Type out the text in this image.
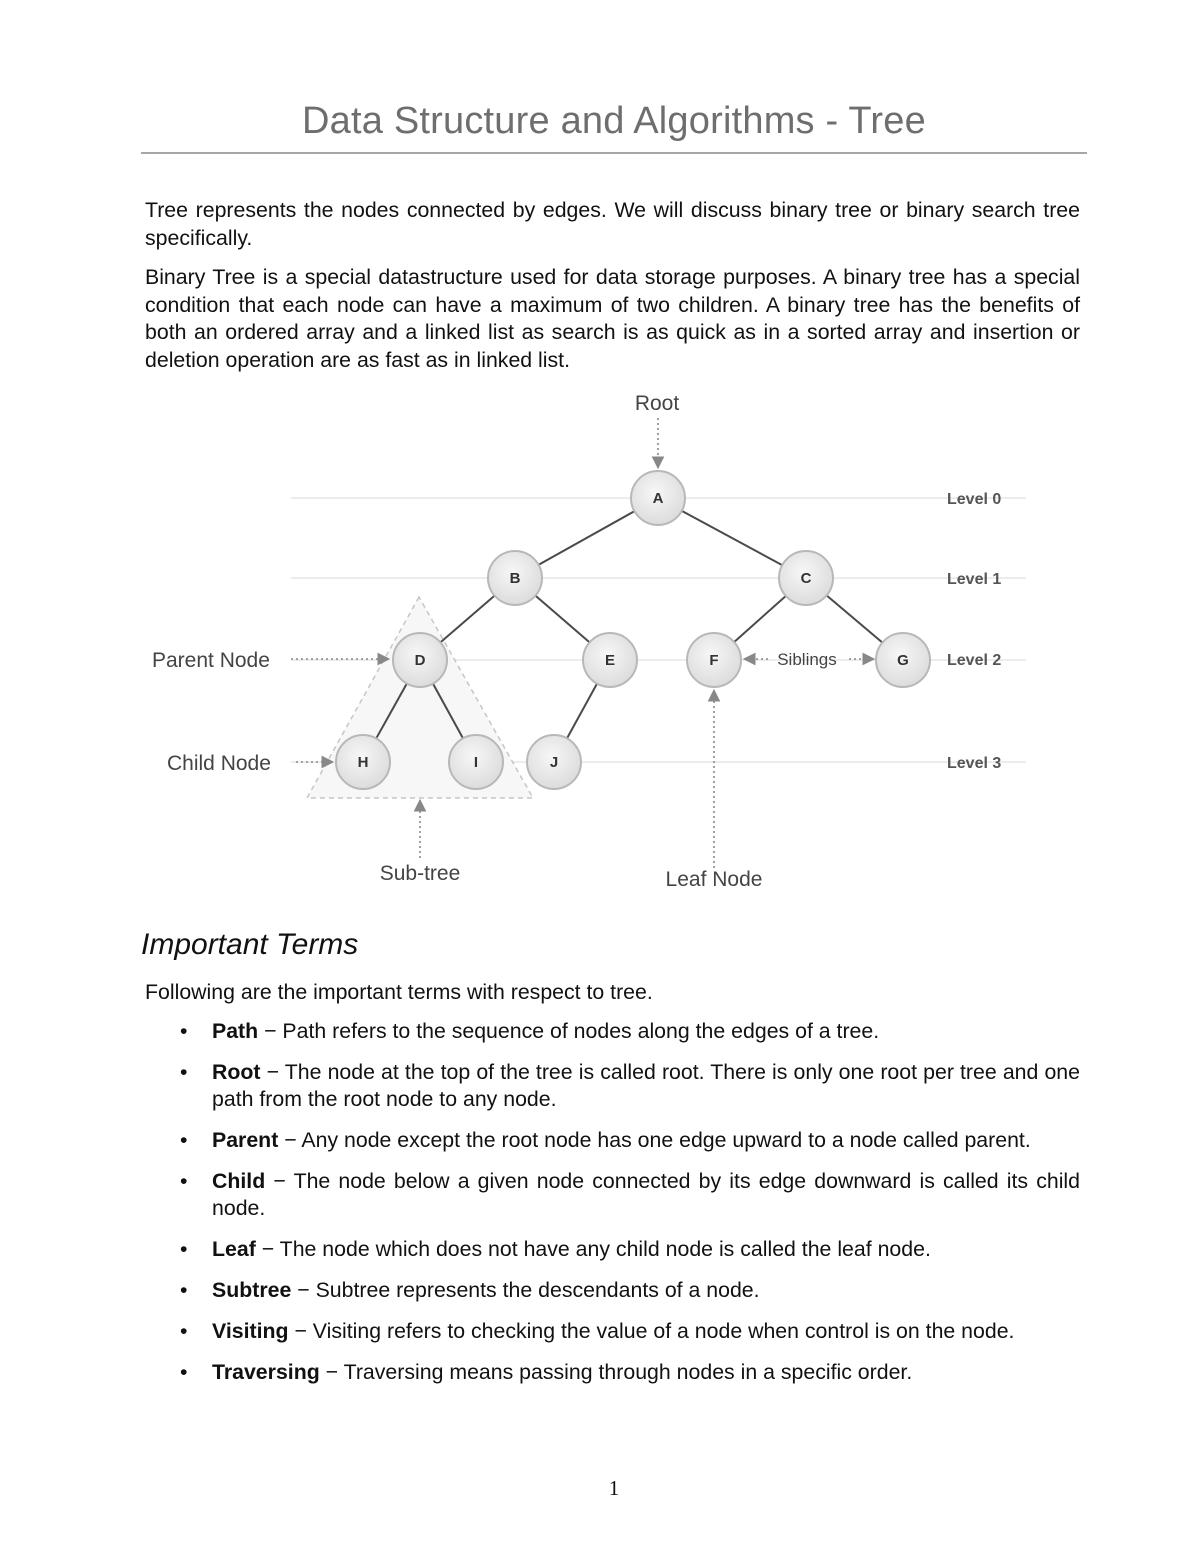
Data Structure and Algorithms - Tree

Tree represents the nodes connected by edges. We will discuss binary tree or binary search tree specifically.

Binary Tree is a special datastructure used for data storage purposes. A binary tree has a special condition that each node can have a maximum of two children. A binary tree has the benefits of both an ordered array and a linked list as search is as quick as in a sorted array and insertion or deletion operation are as fast as in linked list.

A
B	C
D	E	F	G
H	I	J
Root
Parent Node
Child Node
Sub-tree	Leaf Node
Siblings
Level 0
Level 1
Level 2
Level 3
Important Terms

Following are the important terms with respect to tree.

• Path − Path refers to the sequence of nodes along the edges of a tree.
• Root − The node at the top of the tree is called root. There is only one root per tree and one path from the root node to any node.
• Parent − Any node except the root node has one edge upward to a node called parent.
• Child − The node below a given node connected by its edge downward is called its child node.
• Leaf − The node which does not have any child node is called the leaf node.
• Subtree − Subtree represents the descendants of a node.
• Visiting − Visiting refers to checking the value of a node when control is on the node.
• Traversing − Traversing means passing through nodes in a specific order.
1
